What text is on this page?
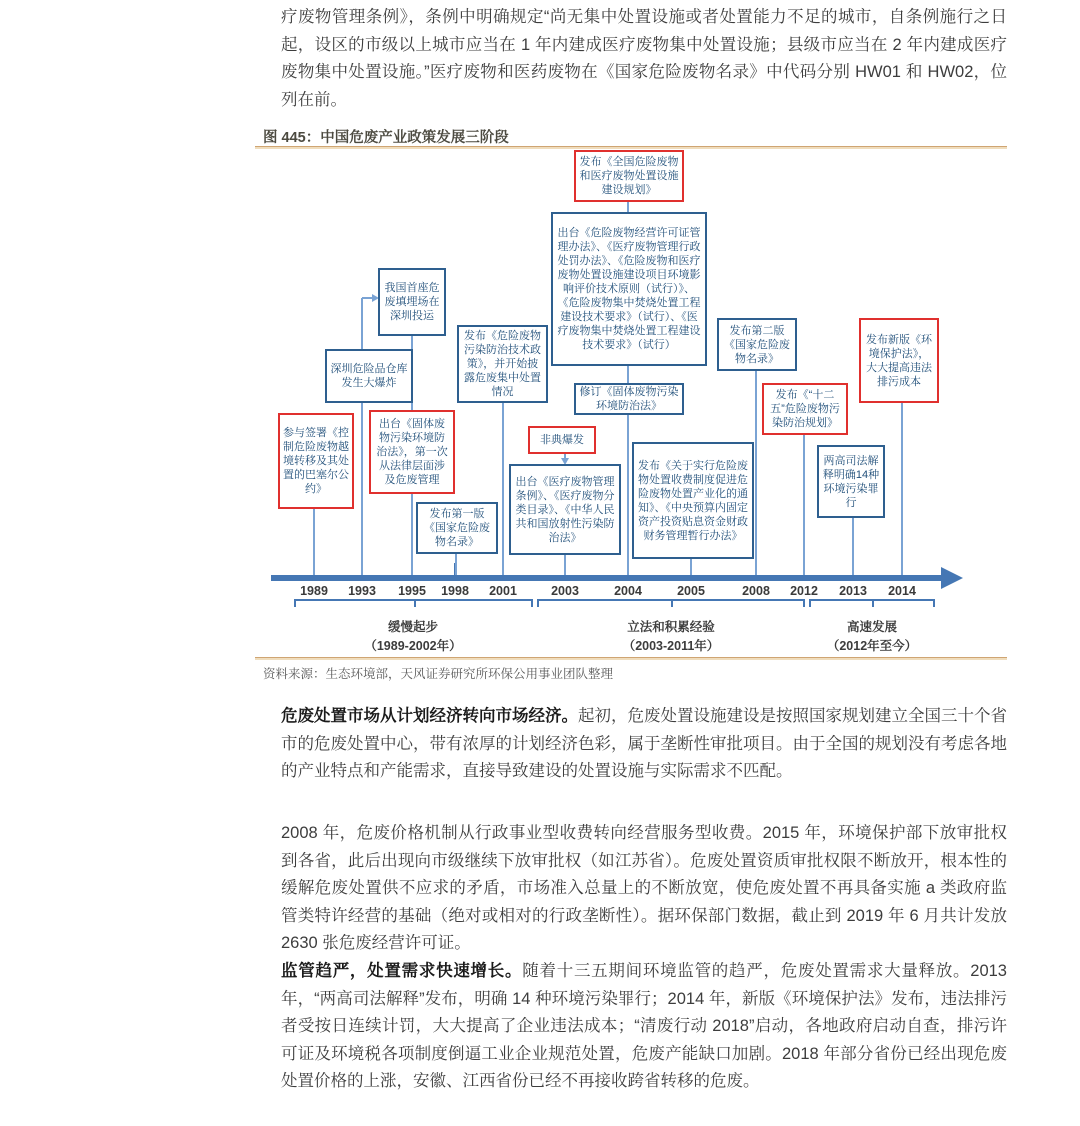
疗废物管理条例》，条例中明确规定“尚无集中处置设施或者处置能力不足的城市，自条例施行之日起，设区的市级以上城市应当在 1 年内建成医疗废物集中处置设施；县级市应当在 2 年内建成医疗废物集中处置设施。”医疗废物和医药废物在《国家危险废物名录》中代码分别 HW01 和 HW02，位列在前。

图 445：中国危废产业政策发展三阶段
1989	1993	1995	1998	2001	2003	2004	2005	2008	2012	2013	2014
参与签署《控制危险废物越境转移及其处置的巴塞尔公约》
深圳危险品仓库发生大爆炸
我国首座危废填埋场在深圳投运
出台《固体废物污染环境防治法》，第一次从法律层面涉及危废管理
发布第一版《国家危险废物名录》
发布《危险废物污染防治技术政策》，并开始披露危废集中处置情况
非典爆发
出台《医疗废物管理条例》、《医疗废物分类目录》、《中华人民共和国放射性污染防治法》
发布《全国危险废物和医疗废物处置设施建设规划》
出台《危险废物经营许可证管理办法》、《医疗废物管理行政处罚办法》、《危险废物和医疗废物处置设施建设项目环境影响评价技术原则（试行）》、《危险废物集中焚烧处置工程建设技术要求》（试行）、《医疗废物集中焚烧处置工程建设技术要求》（试行）
修订《固体废物污染环境防治法》
发布《关于实行危险废物处置收费制度促进危险废物处置产业化的通知》、《中央预算内固定资产投资贴息资金财政财务管理暂行办法》
发布第二版《国家危险废物名录》
发布《“十二五”危险废物污染防治规划》
两高司法解释明确14种环境污染罪行
发布新版《环境保护法》，大大提高违法排污成本
缓慢起步
（1989-2002年）
立法和积累经验
（2003-2011年）
高速发展
（2012年至今）
资料来源：生态环境部，天风证券研究所环保公用事业团队整理

危废处置市场从计划经济转向市场经济。起初，危废处置设施建设是按照国家规划建立全国三十个省市的危废处置中心，带有浓厚的计划经济色彩，属于垄断性审批项目。由于全国的规划没有考虑各地的产业特点和产能需求，直接导致建设的处置设施与实际需求不匹配。

2008 年，危废价格机制从行政事业型收费转向经营服务型收费。2015 年，环境保护部下放审批权到各省，此后出现向市级继续下放审批权（如江苏省）。危废处置资质审批权限不断放开，根本性的缓解危废处置供不应求的矛盾，市场准入总量上的不断放宽，使危废处置不再具备实施 a 类政府监管类特许经营的基础（绝对或相对的行政垄断性）。据环保部门数据，截止到 2019 年 6 月共计发放 2630 张危废经营许可证。

监管趋严，处置需求快速增长。随着十三五期间环境监管的趋严，危废处置需求大量释放。2013 年，“两高司法解释”发布，明确 14 种环境污染罪行；2014 年，新版《环境保护法》发布，违法排污者受按日连续计罚，大大提高了企业违法成本；“清废行动 2018”启动，各地政府启动自查，排污许可证及环境税各项制度倒逼工业企业规范处置，危废产能缺口加剧。2018 年部分省份已经出现危废处置价格的上涨，安徽、江西省份已经不再接收跨省转移的危废。
